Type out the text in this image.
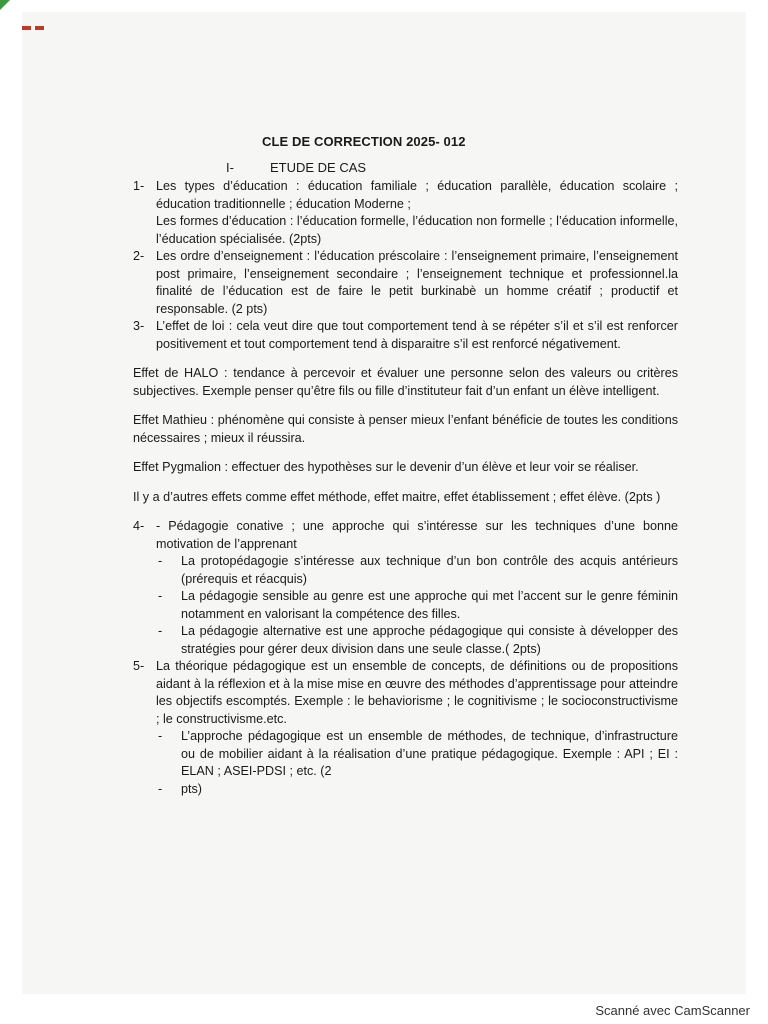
CLE DE CORRECTION 2025- 012
I-	ETUDE DE CAS
1- Les types d’éducation : éducation familiale ; éducation parallèle, éducation scolaire ; éducation traditionnelle ; éducation Moderne ;

Les formes d’éducation : l’éducation formelle, l’éducation non formelle ; l’éducation informelle, l’éducation spécialisée. (2pts)

2- Les ordre d’enseignement : l’éducation préscolaire : l’enseignement primaire, l’enseignement post primaire, l’enseignement secondaire ; l’enseignement technique et professionnel.la finalité de l’éducation est de faire le petit burkinabè un homme créatif ; productif et responsable. (2 pts)

3- L’effet de loi : cela veut dire que tout comportement tend à se répéter s’il et s’il est renforcer positivement et tout comportement tend à disparaitre s’il est renforcé négativement.

Effet de HALO : tendance à percevoir et évaluer une personne selon des valeurs ou critères subjectives. Exemple penser qu’être fils ou fille d’instituteur fait d’un enfant un élève intelligent.

Effet Mathieu : phénomène qui consiste à penser mieux l’enfant bénéficie de toutes les conditions nécessaires ; mieux il réussira.

Effet Pygmalion : effectuer des hypothèses sur le devenir d’un élève et leur voir se réaliser.

Il y a d’autres effets comme effet méthode, effet maitre, effet établissement ; effet élève. (2pts )

4- - Pédagogie conative ; une approche qui s’intéresse sur les techniques d’une bonne motivation de l’apprenant

- La protopédagogie s’intéresse aux technique d’un bon contrôle des acquis antérieurs (prérequis et réacquis)
- La pédagogie sensible au genre est une approche qui met l’accent sur le genre féminin notamment en valorisant la compétence des filles.
- La pédagogie alternative est une approche pédagogique qui consiste à développer des stratégies pour gérer deux division dans une seule classe.( 2pts)
5- La théorique pédagogique est un ensemble de concepts, de définitions ou de propositions aidant à la réflexion et à la mise mise en œuvre des méthodes d’apprentissage pour atteindre les objectifs escomptés. Exemple : le behaviorisme ; le cognitivisme ; le socioconstructivisme ; le constructivisme.etc.

- L’approche pédagogique est un ensemble de méthodes, de technique, d’infrastructure ou de mobilier aidant à la réalisation d’une pratique pédagogique. Exemple : API ; EI : ELAN ; ASEI-PDSI ; etc. (2
- pts)
Scanné avec CamScanner
